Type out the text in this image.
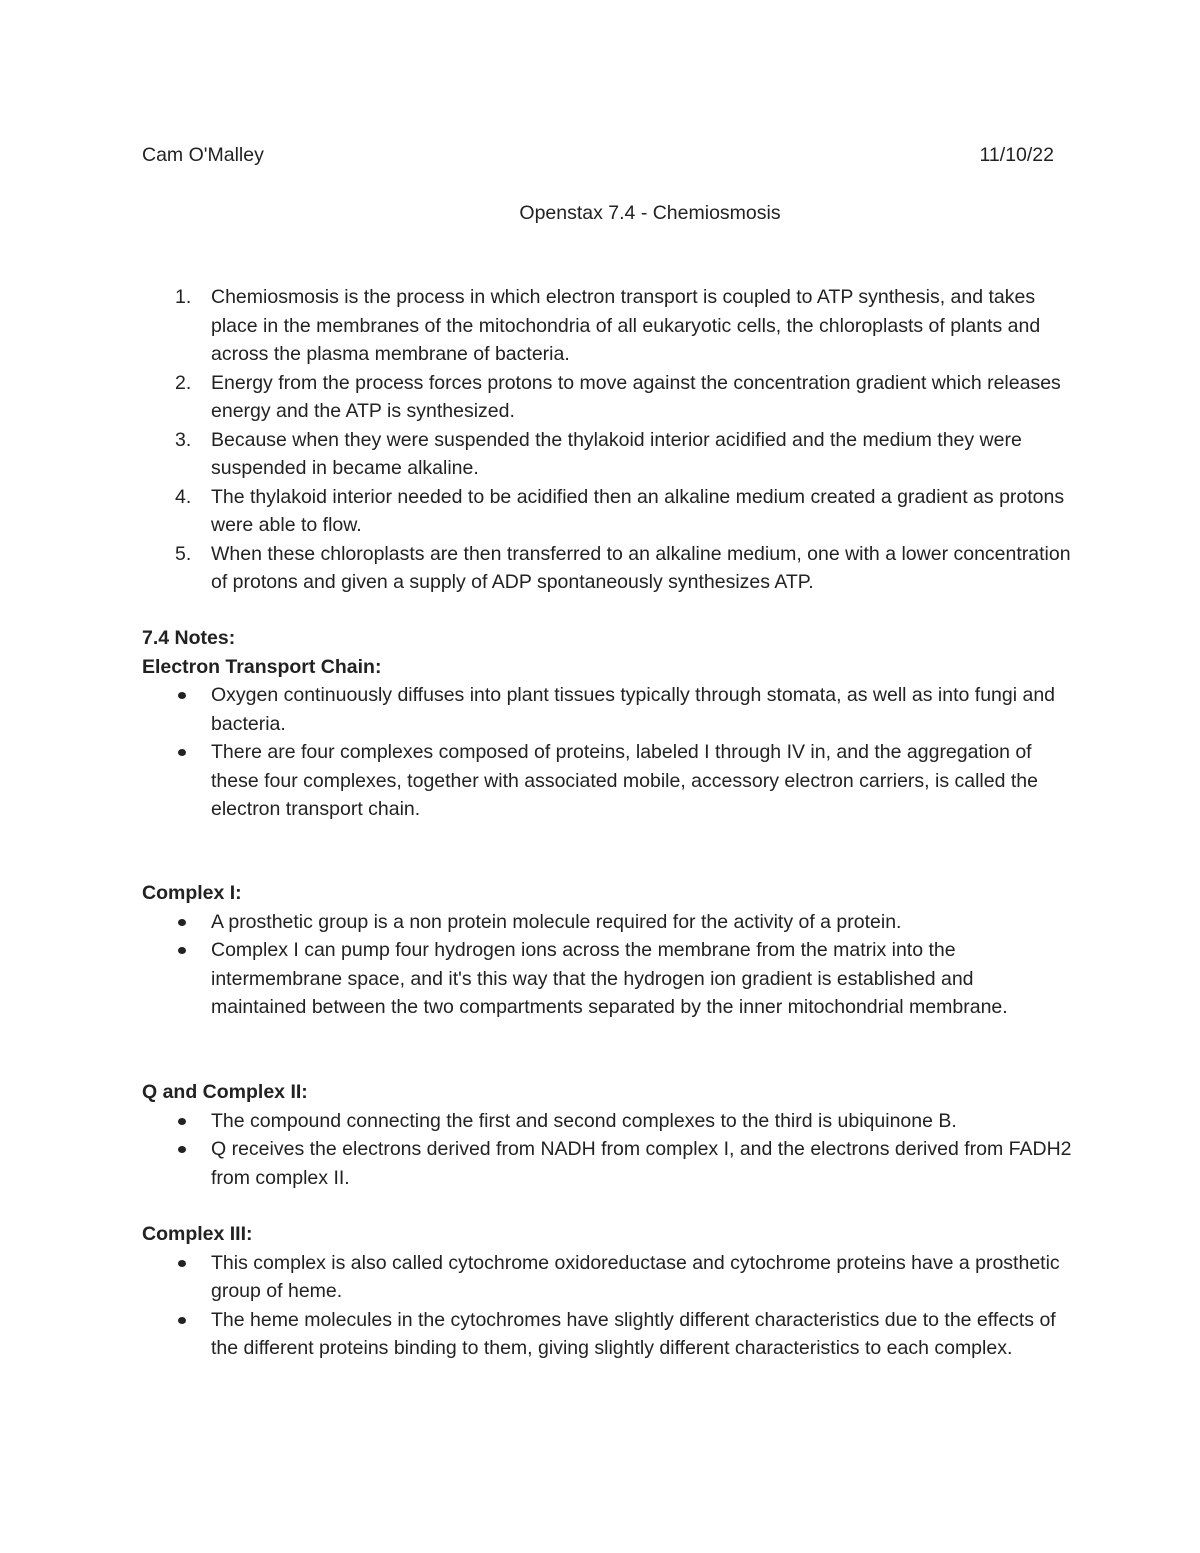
Cam O'Malley	11/10/22
Openstax 7.4 - Chemiosmosis
1. Chemiosmosis is the process in which electron transport is coupled to ATP synthesis, and takes place in the membranes of the mitochondria of all eukaryotic cells, the chloroplasts of plants and across the plasma membrane of bacteria.
2. Energy from the process forces protons to move against the concentration gradient which releases energy and the ATP is synthesized.
3. Because when they were suspended the thylakoid interior acidified and the medium they were suspended in became alkaline.
4. The thylakoid interior needed to be acidified then an alkaline medium created a gradient as protons were able to flow.
5. When these chloroplasts are then transferred to an alkaline medium, one with a lower concentration of protons and given a supply of ADP spontaneously synthesizes ATP.
7.4 Notes:
Electron Transport Chain:
Oxygen continuously diffuses into plant tissues typically through stomata, as well as into fungi and bacteria.
There are four complexes composed of proteins, labeled I through IV in, and the aggregation of these four complexes, together with associated mobile, accessory electron carriers, is called the electron transport chain.
Complex I:
A prosthetic group is a non protein molecule required for the activity of a protein.
Complex I can pump four hydrogen ions across the membrane from the matrix into the intermembrane space, and it's this way that the hydrogen ion gradient is established and maintained between the two compartments separated by the inner mitochondrial membrane.
Q and Complex II:
The compound connecting the first and second complexes to the third is ubiquinone B.
Q receives the electrons derived from NADH from complex I, and the electrons derived from FADH2 from complex II.
Complex III:
This complex is also called cytochrome oxidoreductase and cytochrome proteins have a prosthetic group of heme.
The heme molecules in the cytochromes have slightly different characteristics due to the effects of the different proteins binding to them, giving slightly different characteristics to each complex.
